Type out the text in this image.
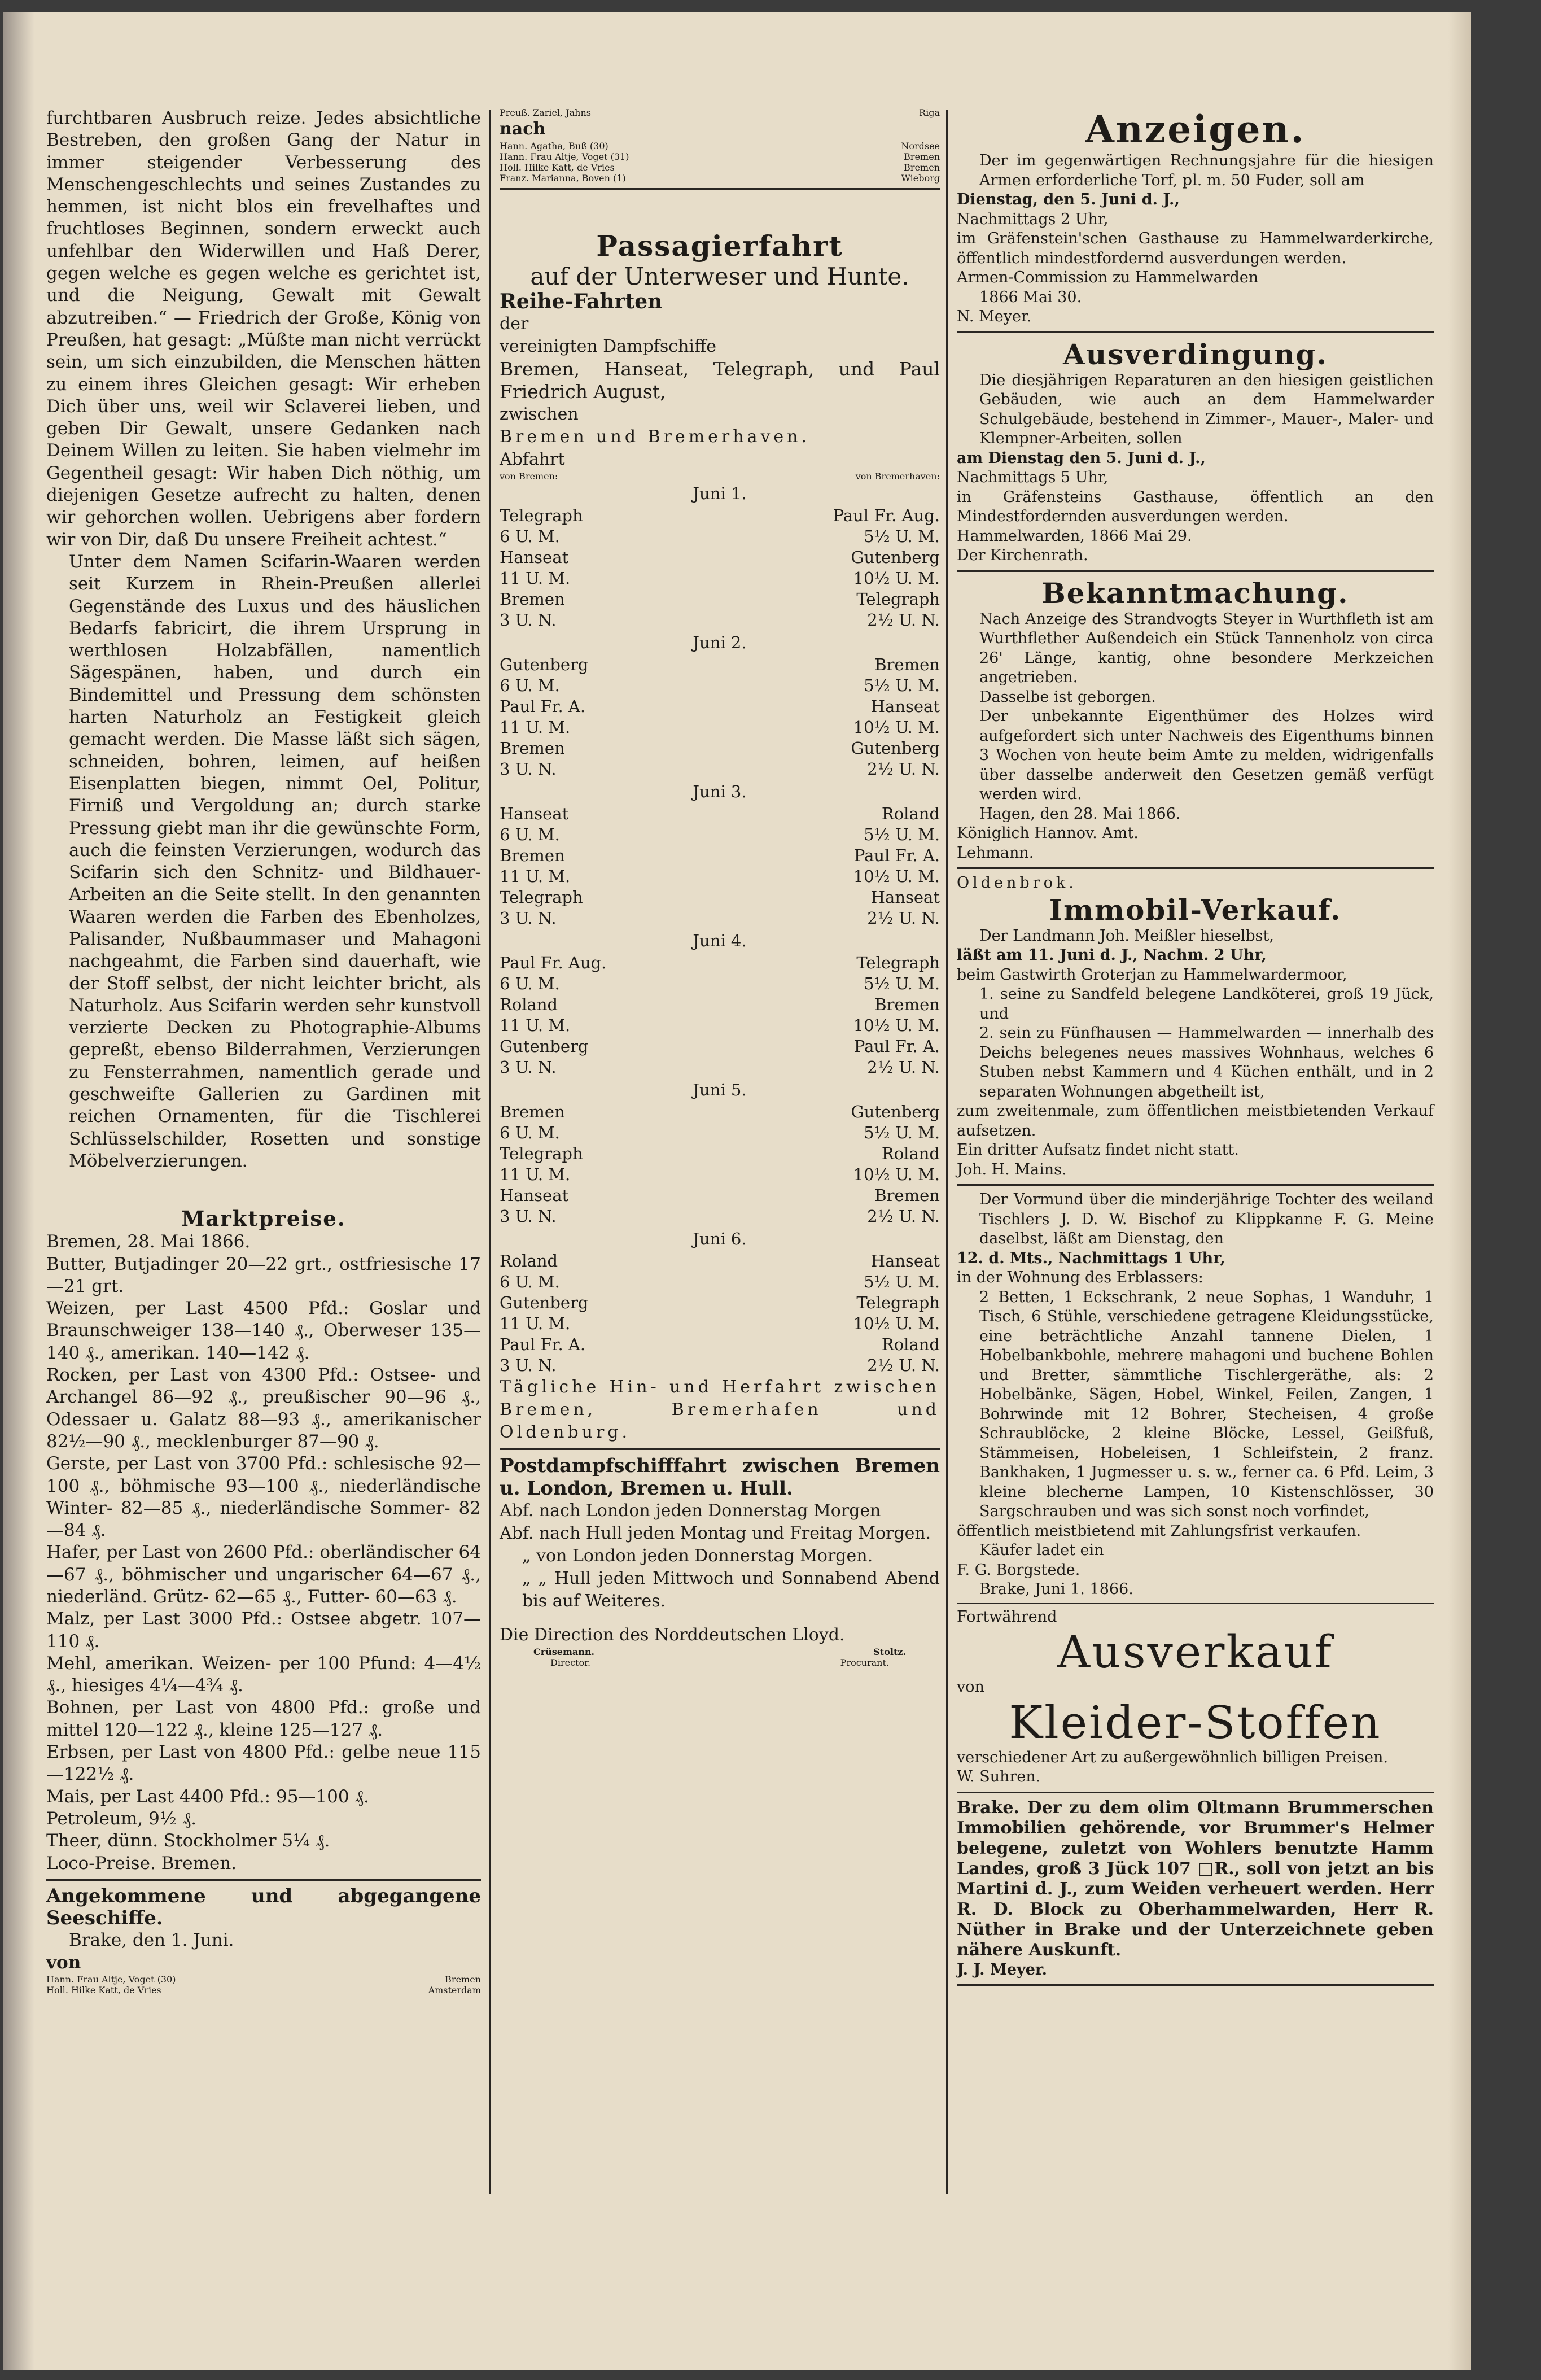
furchtbaren Ausbruch reize. Jedes absichtliche Bestreben, den großen Gang der Natur in immer steigender Verbesserung des Menschengeschlechts und seines Zustandes zu hemmen, ist nicht blos ein frevelhaftes und fruchtloses Beginnen, sondern erweckt auch unfehlbar den Widerwillen und Haß Derer, gegen welche es gegen welche es gerichtet ist, und die Neigung, Gewalt mit Gewalt abzutreiben.“ — Friedrich der Große, König von Preußen, hat gesagt: „Müßte man nicht verrückt sein, um sich einzubilden, die Menschen hätten zu einem ihres Gleichen gesagt: Wir erheben Dich über uns, weil wir Sclaverei lieben, und geben Dir Gewalt, unsere Gedanken nach Deinem Willen zu leiten. Sie haben vielmehr im Gegentheil gesagt: Wir haben Dich nöthig, um diejenigen Gesetze aufrecht zu halten, denen wir gehorchen wollen. Uebrigens aber fordern wir von Dir, daß Du unsere Freiheit achtest.“

Unter dem Namen Scifarin-Waaren werden seit Kurzem in Rhein-Preußen allerlei Gegenstände des Luxus und des häuslichen Bedarfs fabricirt, die ihrem Ursprung in werthlosen Holzabfällen, namentlich Sägespänen, haben, und durch ein Bindemittel und Pressung dem schönsten harten Naturholz an Festigkeit gleich gemacht werden. Die Masse läßt sich sägen, schneiden, bohren, leimen, auf heißen Eisenplatten biegen, nimmt Oel, Politur, Firniß und Vergoldung an; durch starke Pressung giebt man ihr die gewünschte Form, auch die feinsten Verzierungen, wodurch das Scifarin sich den Schnitz- und Bildhauer-Arbeiten an die Seite stellt. In den genannten Waaren werden die Farben des Ebenholzes, Palisander, Nußbaummaser und Mahagoni nachgeahmt, die Farben sind dauerhaft, wie der Stoff selbst, der nicht leichter bricht, als Naturholz. Aus Scifarin werden sehr kunstvoll verzierte Decken zu Photographie-Albums gepreßt, ebenso Bilderrahmen, Verzierungen zu Fensterrahmen, namentlich gerade und geschweifte Gallerien zu Gardinen mit reichen Ornamenten, für die Tischlerei Schlüsselschilder, Rosetten und sonstige Möbelverzierungen.

Marktpreise.
Bremen, 28. Mai 1866.

Butter, Butjadinger 20—22 grt., ostfriesische 17—21 grt.

Weizen, per Last 4500 Pfd.: Goslar und Braunschweiger 138—140 ₰., Oberweser 135—140 ₰., amerikan. 140—142 ₰.

Rocken, per Last von 4300 Pfd.: Ostsee- und Archangel 86—92 ₰., preußischer 90—96 ₰., Odessaer u. Galatz 88—93 ₰., amerikanischer 82½—90 ₰., mecklenburger 87—90 ₰.

Gerste, per Last von 3700 Pfd.: schlesische 92—100 ₰., böhmische 93—100 ₰., niederländische Winter- 82—85 ₰., niederländische Sommer- 82—84 ₰.

Hafer, per Last von 2600 Pfd.: oberländischer 64—67 ₰., böhmischer und ungarischer 64—67 ₰., niederländ. Grütz- 62—65 ₰., Futter- 60—63 ₰.

Malz, per Last 3000 Pfd.: Ostsee abgetr. 107—110 ₰.

Mehl, amerikan. Weizen- per 100 Pfund: 4—4½ ₰., hiesiges 4¼—4¾ ₰.

Bohnen, per Last von 4800 Pfd.: große und mittel 120—122 ₰., kleine 125—127 ₰.

Erbsen, per Last von 4800 Pfd.: gelbe neue 115—122½ ₰.

Mais, per Last 4400 Pfd.: 95—100 ₰.

Petroleum, 9½ ₰.

Theer, dünn. Stockholmer 5¼ ₰.

Loco-Preise. Bremen.
Angekommene und abgegangene Seeschiffe.
Brake, den 1. Juni.
von
Hann. Frau Altje, Voget (30)	Bremen
Holl. Hilke Katt, de Vries	Amsterdam
Preuß. Zariel, Jahns	Riga
nach
Hann. Agatha, Buß (30)	Nordsee
Hann. Frau Altje, Voget (31)	Bremen
Holl. Hilke Katt, de Vries	Bremen
Franz. Marianna, Boven (1)	Wieborg
Passagierfahrt
auf der Unterweser und Hunte.
Reihe-Fahrten
der
vereinigten Dampfschiffe
Bremen, Hanseat, Telegraph, und Paul Friedrich August,
zwischen
Bremen und Bremerhaven.
Abfahrt
von Bremen:	von Bremerhaven:
Juni 1.
Telegraph	Paul Fr. Aug.
6 U. M.	5½ U. M.
Hanseat	Gutenberg
11 U. M.	10½ U. M.
Bremen	Telegraph
3 U. N.	2½ U. N.
Juni 2.
Gutenberg	Bremen
6 U. M.	5½ U. M.
Paul Fr. A.	Hanseat
11 U. M.	10½ U. M.
Bremen	Gutenberg
3 U. N.	2½ U. N.
Juni 3.
Hanseat	Roland
6 U. M.	5½ U. M.
Bremen	Paul Fr. A.
11 U. M.	10½ U. M.
Telegraph	Hanseat
3 U. N.	2½ U. N.
Juni 4.
Paul Fr. Aug.	Telegraph
6 U. M.	5½ U. M.
Roland	Bremen
11 U. M.	10½ U. M.
Gutenberg	Paul Fr. A.
3 U. N.	2½ U. N.
Juni 5.
Bremen	Gutenberg
6 U. M.	5½ U. M.
Telegraph	Roland
11 U. M.	10½ U. M.
Hanseat	Bremen
3 U. N.	2½ U. N.
Juni 6.
Roland	Hanseat
6 U. M.	5½ U. M.
Gutenberg	Telegraph
11 U. M.	10½ U. M.
Paul Fr. A.	Roland
3 U. N.	2½ U. N.
Tägliche Hin- und Herfahrt zwischen Bremen, Bremerhafen und Oldenburg.
Postdampfschifffahrt zwischen Bremen u. London, Bremen u. Hull.
Abf. nach London jeden Donnerstag Morgen
Abf. nach Hull jeden Montag und Freitag Morgen.
„ von London jeden Donnerstag Morgen.
„ „ Hull jeden Mittwoch und Sonnabend Abend bis auf Weiteres.
Die Direction des Norddeutschen Lloyd.
Crüsemann.	Stoltz.
Director.	Procurant.
Anzeigen.

Der im gegenwärtigen Rechnungsjahre für die hiesigen Armen erforderliche Torf, pl. m. 50 Fuder, soll am

Dienstag, den 5. Juni d. J.,
Nachmittags 2 Uhr,

im Gräfenstein'schen Gasthause zu Hammelwarderkirche, öffentlich mindestfordernd ausverdungen werden.

Armen-Commission zu Hammelwarden
1866 Mai 30.
N. Meyer.
Ausverdingung.

Die diesjährigen Reparaturen an den hiesigen geistlichen Gebäuden, wie auch an dem Hammelwarder Schulgebäude, bestehend in Zimmer-, Mauer-, Maler- und Klempner-Arbeiten, sollen

am Dienstag den 5. Juni d. J.,
Nachmittags 5 Uhr,

in Gräfensteins Gasthause, öffentlich an den Mindestfordernden ausverdungen werden.

Hammelwarden, 1866 Mai 29.
Der Kirchenrath.
Bekanntmachung.

Nach Anzeige des Strandvogts Steyer in Wurthfleth ist am Wurthflether Außendeich ein Stück Tannenholz von circa 26' Länge, kantig, ohne besondere Merkzeichen angetrieben.

Dasselbe ist geborgen.

Der unbekannte Eigenthümer des Holzes wird aufgefordert sich unter Nachweis des Eigenthums binnen 3 Wochen von heute beim Amte zu melden, widrigenfalls über dasselbe anderweit den Gesetzen gemäß verfügt werden wird.

Hagen, den 28. Mai 1866.
Königlich Hannov. Amt.
Lehmann.
Oldenbrok.
Immobil-Verkauf.
Der Landmann Joh. Meißler hieselbst,
läßt am 11. Juni d. J., Nachm. 2 Uhr,
beim Gastwirth Groterjan zu Hammelwardermoor,

1. seine zu Sandfeld belegene Landköterei, groß 19 Jück, und

2. sein zu Fünfhausen — Hammelwarden — innerhalb des Deichs belegenes neues massives Wohnhaus, welches 6 Stuben nebst Kammern und 4 Küchen enthält, und in 2 separaten Wohnungen abgetheilt ist,

zum zweitenmale, zum öffentlichen meistbietenden Verkauf aufsetzen.

Ein dritter Aufsatz findet nicht statt.
Joh. H. Mains.

Der Vormund über die minderjährige Tochter des weiland Tischlers J. D. W. Bischof zu Klippkanne F. G. Meine daselbst, läßt am Dienstag, den

12. d. Mts., Nachmittags 1 Uhr,
in der Wohnung des Erblassers:

2 Betten, 1 Eckschrank, 2 neue Sophas, 1 Wanduhr, 1 Tisch, 6 Stühle, verschiedene getragene Kleidungsstücke, eine beträchtliche Anzahl tannene Dielen, 1 Hobelbankbohle, mehrere mahagoni und buchene Bohlen und Bretter, sämmtliche Tischlergeräthe, als: 2 Hobelbänke, Sägen, Hobel, Winkel, Feilen, Zangen, 1 Bohrwinde mit 12 Bohrer, Stecheisen, 4 große Schraublöcke, 2 kleine Blöcke, Lessel, Geißfuß, Stämmeisen, Hobeleisen, 1 Schleifstein, 2 franz. Bankhaken, 1 Jugmesser u. s. w., ferner ca. 6 Pfd. Leim, 3 kleine blecherne Lampen, 10 Kistenschlösser, 30 Sargschrauben und was sich sonst noch vorfindet,

öffentlich meistbietend mit Zahlungsfrist verkaufen.

Käufer ladet ein
F. G. Borgstede.
Brake, Juni 1. 1866.
Fortwährend
Ausverkauf
von
Kleider-Stoffen

verschiedener Art zu außergewöhnlich billigen Preisen.

W. Suhren.

Brake. Der zu dem olim Oltmann Brummerschen Immobilien gehörende, vor Brummer's Helmer belegene, zuletzt von Wohlers benutzte Hamm Landes, groß 3 Jück 107 □R., soll von jetzt an bis Martini d. J., zum Weiden verheuert werden. Herr R. D. Block zu Oberhammelwarden, Herr R. Nüther in Brake und der Unterzeichnete geben nähere Auskunft.

J. J. Meyer.
